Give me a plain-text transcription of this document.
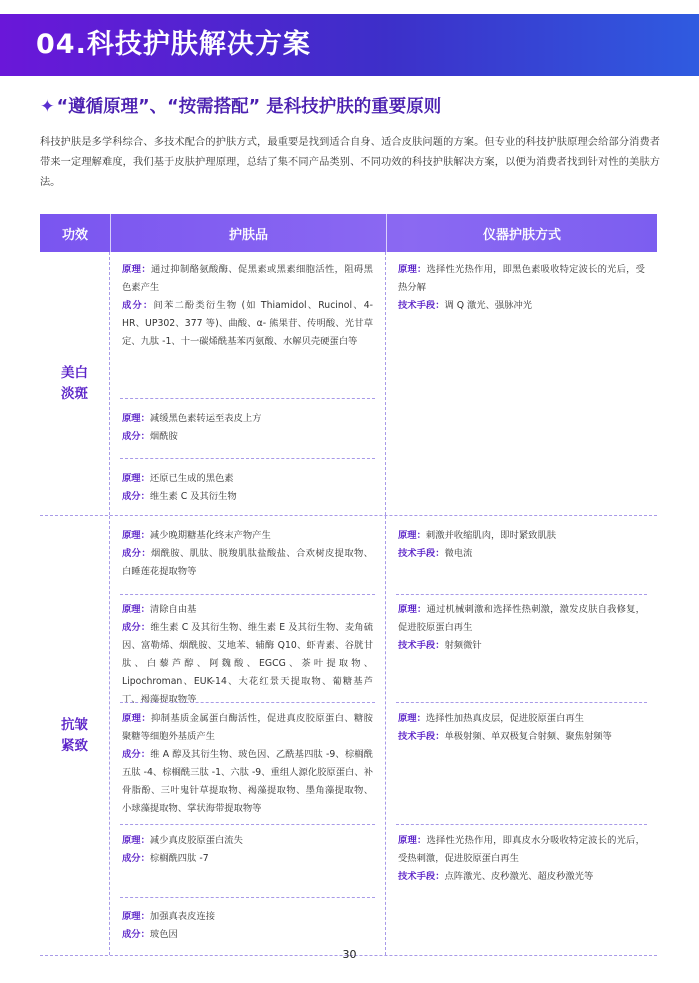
04.科技护肤解决方案
✦ “遵循原理”、“按需搭配” 是科技护肤的重要原则
科技护肤是多学科综合、多技术配合的护肤方式，最重要是找到适合自身、适合皮肤问题的方案。但专业的科技护肤原理会给部分消费者带来一定理解难度，我们基于皮肤护理原理，总结了集不同产品类别、不同功效的科技护肤解决方案，以便为消费者找到针对性的美肤方法。
功效	护肤品	仪器护肤方式
美白
淡斑

原理：通过抑制酪氨酸酶、促黑素或黑素细胞活性，阻碍黑色素产生

成分：间苯二酚类衍生物 (如 Thiamidol、Rucinol、4-HR、UP302、377 等)、曲酸、α- 熊果苷、传明酸、光甘草定、九肽 -1、十一碳烯酰基苯丙氨酸、水解贝壳硬蛋白等

原理：减缓黑色素转运至表皮上方

成分：烟酰胺

原理：还原已生成的黑色素

成分：维生素 C 及其衍生物

原理：选择性光热作用，即黑色素吸收特定波长的光后，受热分解

技术手段：调 Q 激光、强脉冲光

抗皱
紧致

原理：减少晚期糖基化终末产物产生

成分：烟酰胺、肌肽、脱羧肌肽盐酸盐、合欢树皮提取物、白睡莲花提取物等

原理：清除自由基

成分：维生素 C 及其衍生物、维生素 E 及其衍生物、麦角硫因、富勒烯、烟酰胺、艾地苯、辅酶 Q10、虾青素、谷胱甘肽、白藜芦醇、阿魏酸、EGCG、茶叶提取物、Lipochroman、EUK-14、大花红景天提取物、葡糖基芦丁、褐藻提取物等

原理：抑制基质金属蛋白酶活性，促进真皮胶原蛋白、糖胺聚糖等细胞外基质产生

成分：维 A 醇及其衍生物、玻色因、乙酰基四肽 -9、棕榈酰五肽 -4、棕榈酰三肽 -1、六肽 -9、重组人源化胶原蛋白、补骨脂酚、三叶鬼针草提取物、褐藻提取物、墨角藻提取物、小球藻提取物、掌状海带提取物等

原理：减少真皮胶原蛋白流失

成分：棕榈酰四肽 -7

原理：加强真表皮连接

成分：玻色因

原理：刺激并收缩肌肉，即时紧致肌肤

技术手段：微电流

原理：通过机械刺激和选择性热刺激，激发皮肤自我修复，促进胶原蛋白再生

技术手段：射频微针

原理：选择性加热真皮层，促进胶原蛋白再生

技术手段：单极射频、单双极复合射频、聚焦射频等

原理：选择性光热作用，即真皮水分吸收特定波长的光后，受热刺激，促进胶原蛋白再生

技术手段：点阵激光、皮秒激光、超皮秒激光等

30
